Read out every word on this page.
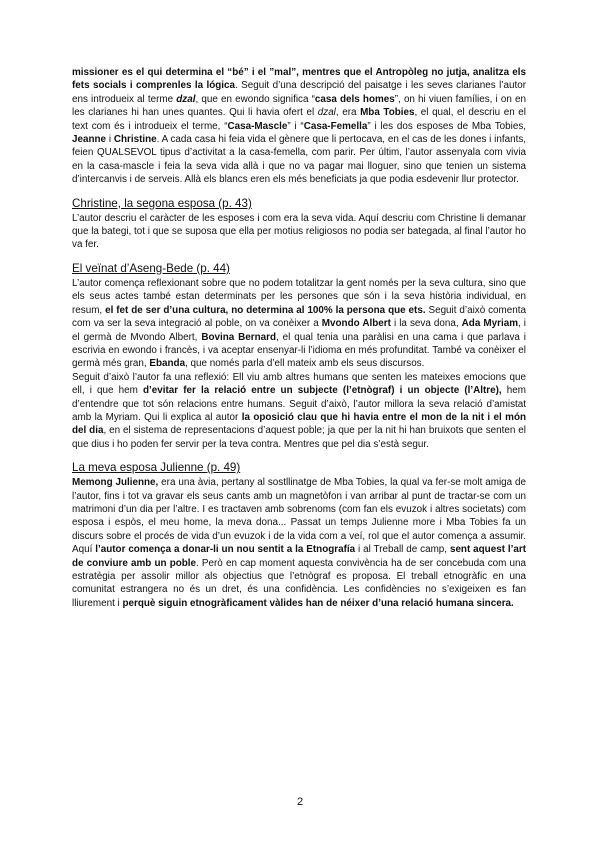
missioner es el qui determina el “bé” i el ”mal”, mentres que el Antropòleg no jutja, analitza els fets socials i comprenles la lógica. Seguit d’una descripció del paisatge i les seves clarianes l’autor ens introdueix al terme dzal, que en ewondo significa “casa dels homes”, on hi viuen famílies, i on en les clarianes hi han unes quantes. Qui li havia ofert el dzal, era Mba Tobies, el qual, el descriu en el text com és i introdueix el terme, “Casa-Mascle” i “Casa-Femella” i les dos esposes de Mba Tobies, Jeanne i Christine. A cada casa hi feia vida el gènere que li pertocava, en el cas de les dones i infants, feien QUALSEVOL tipus d’activitat a la casa-femella, com parir. Per últim, l’autor assenyala com vivia en la casa-mascle i feia la seva vida allà i que no va pagar mai lloguer, sino que tenien un sistema d’intercanvis i de serveis. Allà els blancs eren els més beneficiats ja que podia esdevenir llur protector.

Christine, la segona esposa (p. 43)

L’autor descriu el caràcter de les esposes i com era la seva vida. Aquí descriu com Christine li demanar que la bategi, tot i que se suposa que ella per motius religiosos no podia ser bategada, al final l’autor ho va fer.

El veïnat d’Aseng-Bede (p. 44)

L’autor comença reflexionant sobre que no podem totalitzar la gent només per la seva cultura, sino que els seus actes també estan determinats per les persones que són i la seva història individual, en resum, el fet de ser d’una cultura, no determina al 100% la persona que ets. Seguit d’això comenta com va ser la seva integració al poble, on va conèixer a Mvondo Albert i la seva dona, Ada Myriam, i el germà de Mvondo Albert, Bovina Bernard, el qual tenia una paràlisi en una cama i que parlava i escrivia en ewondo i francès, i va aceptar ensenyar-li l’idioma en més profunditat. També va conèixer el germà més gran, Ebanda, que només parla d’ell mateix amb els seus discursos.

Seguit d’això l’autor fa una reflexió: Ell viu amb altres humans que senten les mateixes emocions que ell, i que hem d’evitar fer la relació entre un subjecte (l’etnògraf) i un objecte (l’Altre), hem d’entendre que tot són relacions entre humans. Seguit d’això, l’autor millora la seva relació d’amistat amb la Myriam. Qui li explica al autor la oposició clau que hi havia entre el mon de la nit i el món del dia, en el sistema de representacions d’aquest poble; ja que per la nit hi han bruixots que senten el que dius i ho poden fer servir per la teva contra. Mentres que pel dia s’està segur.

La meva esposa Julienne (p. 49)

Memong Julienne, era una àvia, pertany al sostllinatge de Mba Tobies, la qual va fer-se molt amiga de l’autor, fins i tot va gravar els seus cants amb un magnetòfon i van arribar al punt de tractar-se com un matrimoni d’un dia per l’altre. I es tractaven amb sobrenoms (com fan els evuzok i altres societats) com esposa i espòs, el meu home, la meva dona... Passat un temps Julienne more i Mba Tobies fa un discurs sobre el procés de vida d’un evuzok i de la vida com a veí, rol que el autor comença a assumir. Aquí l’autor comença a donar-li un nou sentit a la Etnografía i al Treball de camp, sent aquest l’art de conviure amb un poble. Però en cap moment aquesta convivència ha de ser concebuda com una estratègia per assolir millor als objectius que l’etnògraf es proposa. El treball etnogràfic en una comunitat estrangera no és un dret, és una confidència. Les confidències no s’exigeixen es fan lliurement i perquè siguin etnogràficament vàlides han de néixer d’una relació humana sincera.

2
